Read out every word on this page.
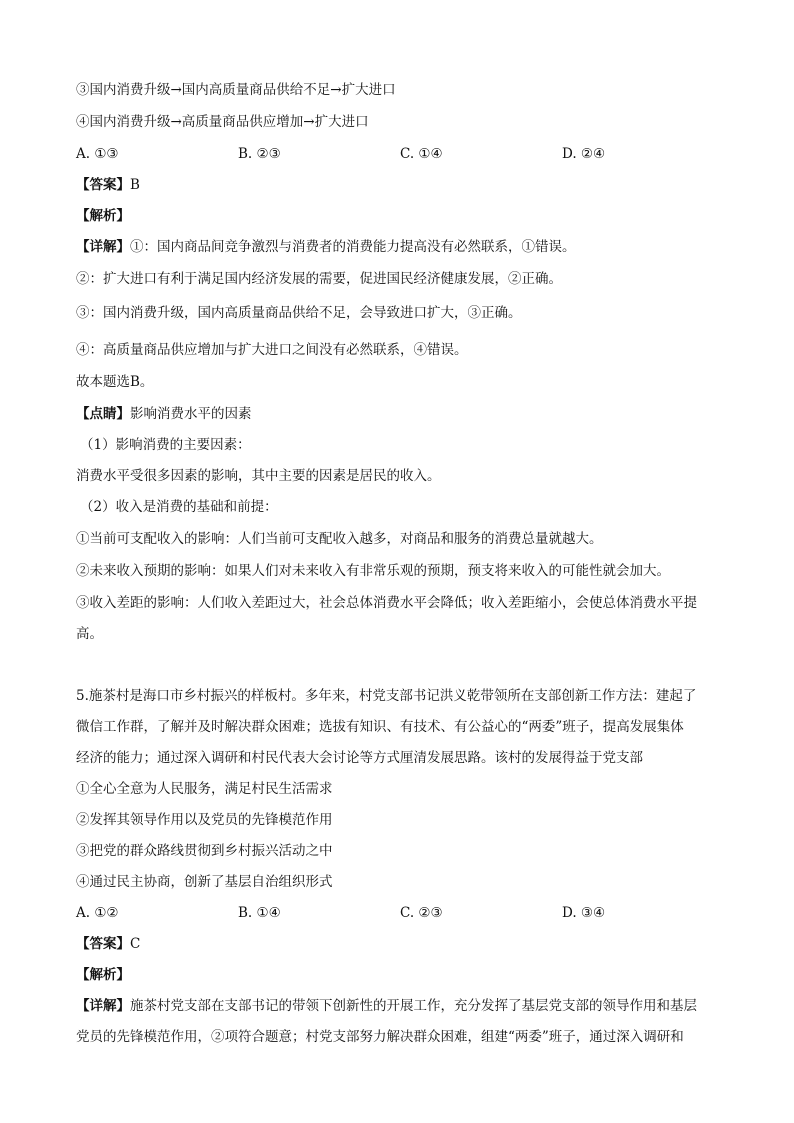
③国内消费升级→国内高质量商品供给不足→扩大进口
④国内消费升级→高质量商品供应增加→扩大进口
A. ①③	B. ②③	C. ①④	D. ②④
【答案】B
【解析】
【详解】①：国内商品间竞争激烈与消费者的消费能力提高没有必然联系，①错误。
②：扩大进口有利于满足国内经济发展的需要，促进国民经济健康发展，②正确。
③：国内消费升级，国内高质量商品供给不足，会导致进口扩大，③正确。
④：高质量商品供应增加与扩大进口之间没有必然联系，④错误。
故本题选B。
【点睛】影响消费水平的因素
（1）影响消费的主要因素：
消费水平受很多因素的影响，其中主要的因素是居民的收入。
（2）收入是消费的基础和前提：
①当前可支配收入的影响：人们当前可支配收入越多，对商品和服务的消费总量就越大。
②未来收入预期的影响：如果人们对未来收入有非常乐观的预期，预支将来收入的可能性就会加大。
③收入差距的影响：人们收入差距过大，社会总体消费水平会降低；收入差距缩小，会使总体消费水平提
高。
5.施茶村是海口市乡村振兴的样板村。多年来，村党支部书记洪义乾带领所在支部创新工作方法：建起了
微信工作群，了解并及时解决群众困难；选拔有知识、有技术、有公益心的“两委”班子，提高发展集体
经济的能力；通过深入调研和村民代表大会讨论等方式厘清发展思路。该村的发展得益于党支部
①全心全意为人民服务，满足村民生活需求
②发挥其领导作用以及党员的先锋模范作用
③把党的群众路线贯彻到乡村振兴活动之中
④通过民主协商，创新了基层自治组织形式
A. ①②	B. ①④	C. ②③	D. ③④
【答案】C
【解析】
【详解】施茶村党支部在支部书记的带领下创新性的开展工作，充分发挥了基层党支部的领导作用和基层
党员的先锋模范作用，②项符合题意；村党支部努力解决群众困难，组建“两委”班子，通过深入调研和
